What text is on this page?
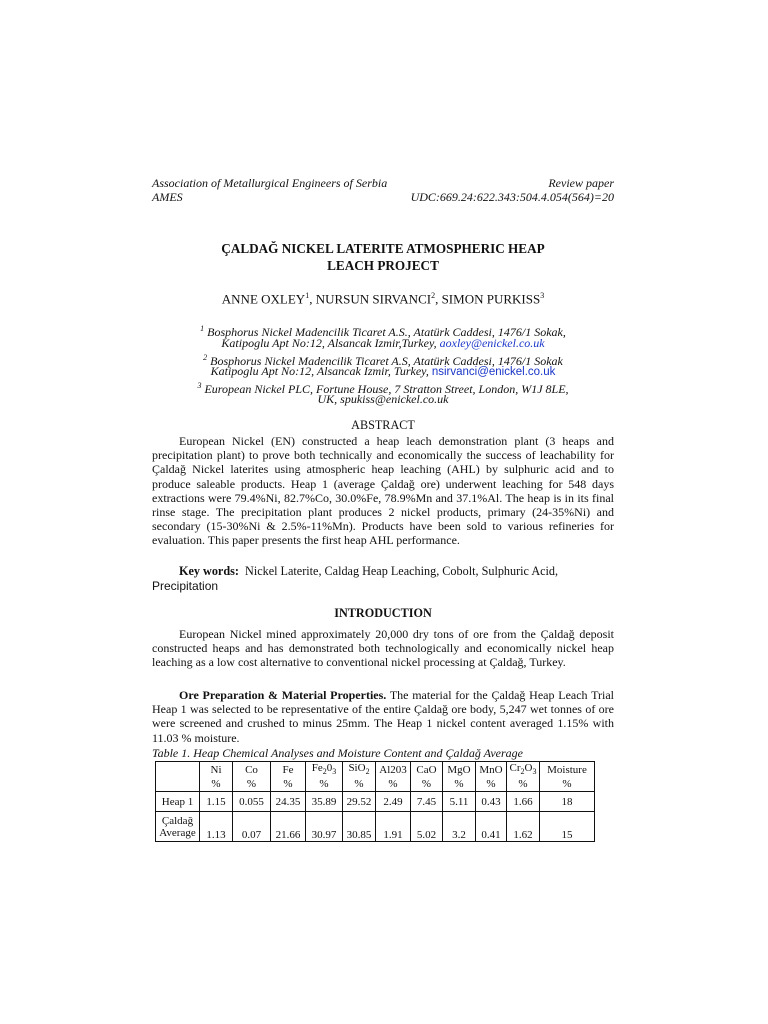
Association of Metallurgical Engineers of Serbia	Review paper
AMES	UDC:669.24:622.343:504.4.054(564)=20
ÇALDAĞ NICKEL LATERITE ATMOSPHERIC HEAP
LEACH PROJECT
ANNE OXLEY$^1$, NURSUN SIRVANCI$^2$, SIMON PURKISS$^3$
$^1$ Bosphorus Nickel Madencilik Ticaret A.S., Atatürk Caddesi, 1476/1 Sokak,
Katipoglu Apt No:12, Alsancak Izmir,Turkey, aoxley@enickel.co.uk
$^2$ Bosphorus Nickel Madencilik Ticaret A.S, Atatürk Caddesi, 1476/1 Sokak
Katipoglu Apt No:12, Alsancak Izmir, Turkey, nsirvanci@enickel.co.uk
$^3$ European Nickel PLC, Fortune House, 7 Stratton Street, London, W1J 8LE,
UK, spukiss@enickel.co.uk
ABSTRACT
European Nickel (EN) constructed a heap leach demonstration plant (3 heaps and precipitation plant) to prove both technically and economically the success of leachability for Çaldağ Nickel laterites using atmospheric heap leaching (AHL) by sulphuric acid and to produce saleable products. Heap 1 (average Çaldağ ore) underwent leaching for 548 days extractions were 79.4%Ni, 82.7%Co, 30.0%Fe, 78.9%Mn and 37.1%Al. The heap is in its final rinse stage. The precipitation plant produces 2 nickel products, primary (24-35%Ni) and secondary (15-30%Ni & 2.5%-11%Mn). Products have been sold to various refineries for evaluation. This paper presents the first heap AHL performance.
Key words: Nickel Laterite, Caldag Heap Leaching, Cobolt, Sulphuric Acid,
Precipitation
INTRODUCTION
European Nickel mined approximately 20,000 dry tons of ore from the Çaldağ deposit constructed heaps and has demonstrated both technologically and economically nickel heap leaching as a low cost alternative to conventional nickel processing at Çaldağ, Turkey.
Ore Preparation & Material Properties. The material for the Çaldağ Heap Leach Trial Heap 1 was selected to be representative of the entire Çaldağ ore body, 5,247 wet tonnes of ore were screened and crushed to minus 25mm. The Heap 1 nickel content averaged 1.15% with 11.03 % moisture.
Table 1. Heap Chemical Analyses and Moisture Content and Çaldağ Average
	Ni	Co	Fe	$Fe_20_3$	SiO$_2$	Al203	CaO	MgO	MnO	$Cr_2O_3$	Moisture
	%	%	%	%	%	%	%	%	%	%	%
Heap 1	1.15	0.055	24.35	35.89	29.52	2.49	7.45	5.11	0.43	1.66	18
Çaldağ
Average	1.13	0.07	21.66	30.97	30.85	1.91	5.02	3.2	0.41	1.62	15
